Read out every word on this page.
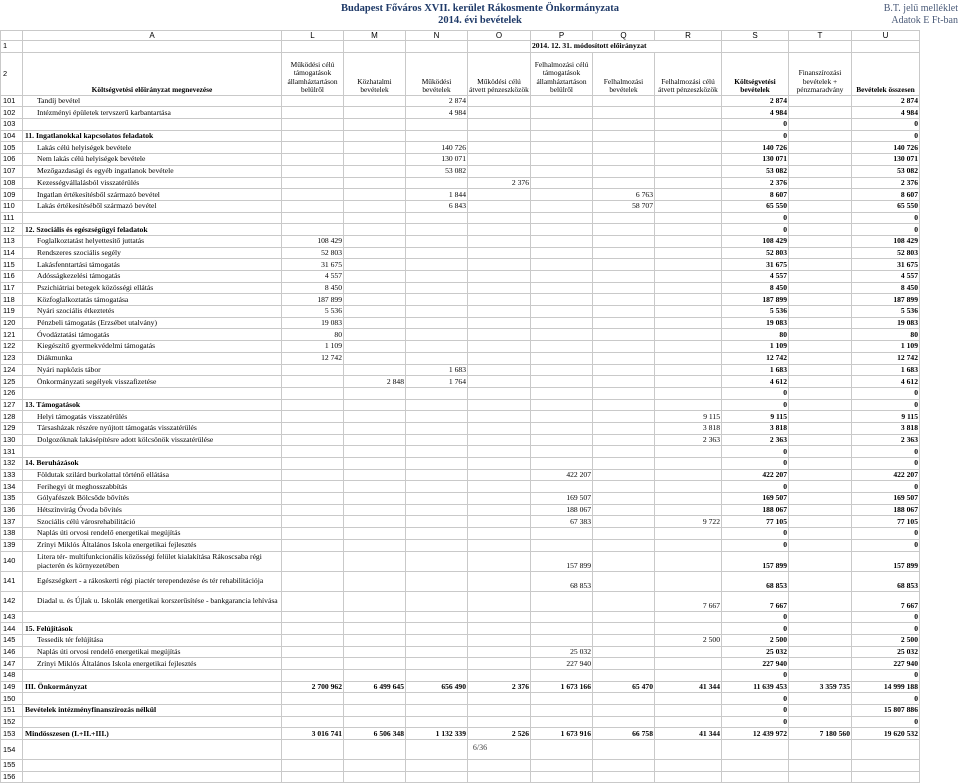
Budapest Főváros XVII. kerület Rákosmente Önkormányzata
2014. évi bevételek
B.T. jelű melléklet
Adatok E Ft-ban
	A	L	M	N	O	P	Q	R	S	T	U
1						2014. 12. 31. módosított előirányzat					
2	Költségvetési előirányzat megnevezése	Működési célú támogatások államháztartáson belülről	Közhatalmi bevételek	Működési bevételek	Működési célú átvett pénzeszközök	Felhalmozási célú támogatások államháztartáson belülről	Felhalmozási bevételek	Felhalmozási célú átvett pénzeszközök	Költségvetési bevételek	Finanszírozási bevételek + pénzmaradvány	Bevételek összesen
101	Tandíj bevétel			2 874					2 874		2 874
102	Intézményi épületek tervszerű karbantartása			4 984					4 984		4 984
103									0		0
104	11. Ingatlanokkal kapcsolatos feladatok								0		0
105	Lakás célú helyiségek bevétele			140 726					140 726		140 726
106	Nem lakás célú helyiségek bevétele			130 071					130 071		130 071
107	Mezőgazdasági és egyéb ingatlanok bevétele			53 082					53 082		53 082
108	Kezességvállalásból visszatérülés				2 376				2 376		2 376
109	Ingatlan értékesítésből származó bevétel			1 844			6 763		8 607		8 607
110	Lakás értékesítéséből származó bevétel			6 843			58 707		65 550		65 550
111									0		0
112	12. Szociális és egészségügyi feladatok								0		0
113	Foglalkoztatást helyettesítő juttatás	108 429							108 429		108 429
114	Rendszeres szociális segély	52 803							52 803		52 803
115	Lakásfenntartási támogatás	31 675							31 675		31 675
116	Adósságkezelési támogatás	4 557							4 557		4 557
117	Pszichiátriai betegek közösségi ellátás	8 450							8 450		8 450
118	Közfoglalkoztatás támogatása	187 899							187 899		187 899
119	Nyári szociális étkeztetés	5 536							5 536		5 536
120	Pénzbeli támogatás (Erzsébet utalvány)	19 083							19 083		19 083
121	Óvodáztatási támogatás	80							80		80
122	Kiegészítő gyermekvédelmi támogatás	1 109							1 109		1 109
123	Diákmunka	12 742							12 742		12 742
124	Nyári napközis tábor			1 683					1 683		1 683
125	Önkormányzati segélyek visszafizetése		2 848	1 764					4 612		4 612
126									0		0
127	13. Támogatások								0		0
128	Helyi támogatás visszatérülés							9 115	9 115		9 115
129	Társasházak részére nyújtott támogatás visszatérülés							3 818	3 818		3 818
130	Dolgozóknak lakásépítésre adott kölcsönök visszatérülése							2 363	2 363		2 363
131									0		0
132	14. Beruházások								0		0
133	Földutak szilárd burkolattal történő ellátása					422 207			422 207		422 207
134	Ferihegyi út meghosszabbítás								0		0
135	Gólyafészek Bölcsőde bővítés					169 507			169 507		169 507
136	Hétszínvirág Óvoda bővítés					188 067			188 067		188 067
137	Szociális célú városrehabilitáció					67 383		9 722	77 105		77 105
138	Naplás úti orvosi rendelő energetikai megújítás								0		0
139	Zrínyi Miklós Általános Iskola energetikai fejlesztés								0		0
140	Litera tér- multifunkcionális közösségi felület kialakítása Rákoscsaba régi piacterén és környezetében					157 899			157 899		157 899
141	Egészségkert - a rákoskerti régi piactér terependezése és tér rehabilitációja					68 853			68 853		68 853
142	Diadal u. és Újlak u. Iskolák energetikai korszerűsítése - bankgarancia lehívása							7 667	7 667		7 667
143									0		0
144	15. Felújítások								0		0
145	Tessedik tér felújítása							2 500	2 500		2 500
146	Naplás úti orvosi rendelő energetikai megújítás					25 032			25 032		25 032
147	Zrínyi Miklós Általános Iskola energetikai fejlesztés					227 940			227 940		227 940
148									0		0
149	III. Önkormányzat	2 700 962	6 499 645	656 490	2 376	1 673 166	65 470	41 344	11 639 453	3 359 735	14 999 188
150									0		0
151	Bevételek intézményfinanszírozás nélkül								0		15 807 886
152									0		0
153	Mindösszesen (I.+II.+III.)	3 016 741	6 506 348	1 132 339	2 526	1 673 916	66 758	41 344	12 439 972	7 180 560	19 620 532
154											
155											
156											
6/36
